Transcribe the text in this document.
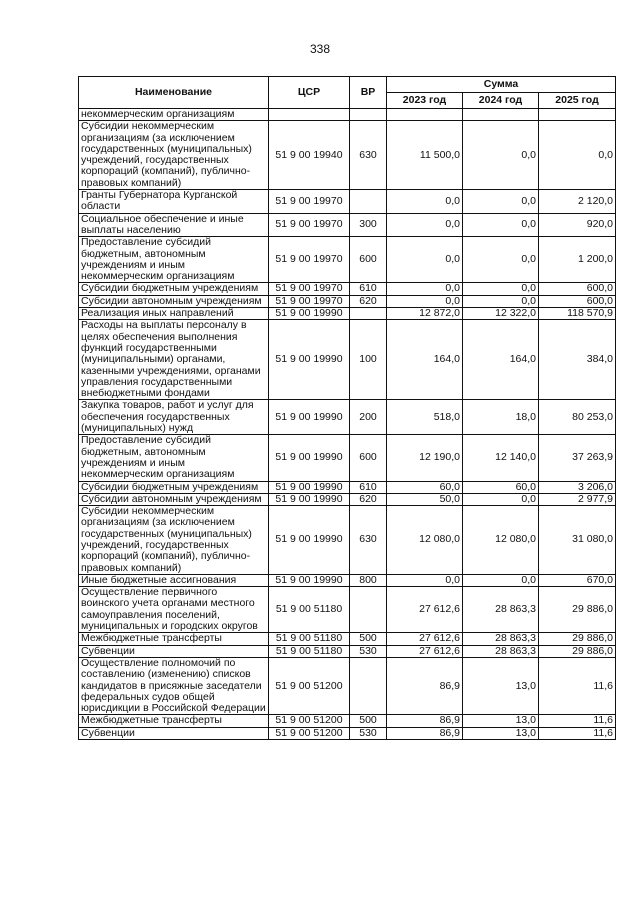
338
Наименование	ЦСР	ВР	Сумма		
			2023 год	2024 год	2025 год
некоммерческим организациям					
Субсидии некоммерческим организациям (за исключением государственных (муниципальных) учреждений, государственных корпораций (компаний), публично-правовых компаний)	51 9 00 19940	630	11 500,0	0,0	0,0
Гранты Губернатора Курганской области	51 9 00 19970		0,0	0,0	2 120,0
Социальное обеспечение и иные выплаты населению	51 9 00 19970	300	0,0	0,0	920,0
Предоставление субсидий бюджетным, автономным учреждениям и иным некоммерческим организациям	51 9 00 19970	600	0,0	0,0	1 200,0
Субсидии бюджетным учреждениям	51 9 00 19970	610	0,0	0,0	600,0
Субсидии автономным учреждениям	51 9 00 19970	620	0,0	0,0	600,0
Реализация иных направлений	51 9 00 19990		12 872,0	12 322,0	118 570,9
Расходы на выплаты персоналу в целях обеспечения выполнения функций государственными (муниципальными) органами, казенными учреждениями, органами управления государственными внебюджетными фондами	51 9 00 19990	100	164,0	164,0	384,0
Закупка товаров, работ и услуг для обеспечения государственных (муниципальных) нужд	51 9 00 19990	200	518,0	18,0	80 253,0
Предоставление субсидий бюджетным, автономным учреждениям и иным некоммерческим организациям	51 9 00 19990	600	12 190,0	12 140,0	37 263,9
Субсидии бюджетным учреждениям	51 9 00 19990	610	60,0	60,0	3 206,0
Субсидии автономным учреждениям	51 9 00 19990	620	50,0	0,0	2 977,9
Субсидии некоммерческим организациям (за исключением государственных (муниципальных) учреждений, государственных корпораций (компаний), публично-правовых компаний)	51 9 00 19990	630	12 080,0	12 080,0	31 080,0
Иные бюджетные ассигнования	51 9 00 19990	800	0,0	0,0	670,0
Осуществление первичного воинского учета органами местного самоуправления поселений, муниципальных и городских округов	51 9 00 51180		27 612,6	28 863,3	29 886,0
Межбюджетные трансферты	51 9 00 51180	500	27 612,6	28 863,3	29 886,0
Субвенции	51 9 00 51180	530	27 612,6	28 863,3	29 886,0
Осуществление полномочий по составлению (изменению) списков кандидатов в присяжные заседатели федеральных судов общей юрисдикции в Российской Федерации	51 9 00 51200		86,9	13,0	11,6
Межбюджетные трансферты	51 9 00 51200	500	86,9	13,0	11,6
Субвенции	51 9 00 51200	530	86,9	13,0	11,6
